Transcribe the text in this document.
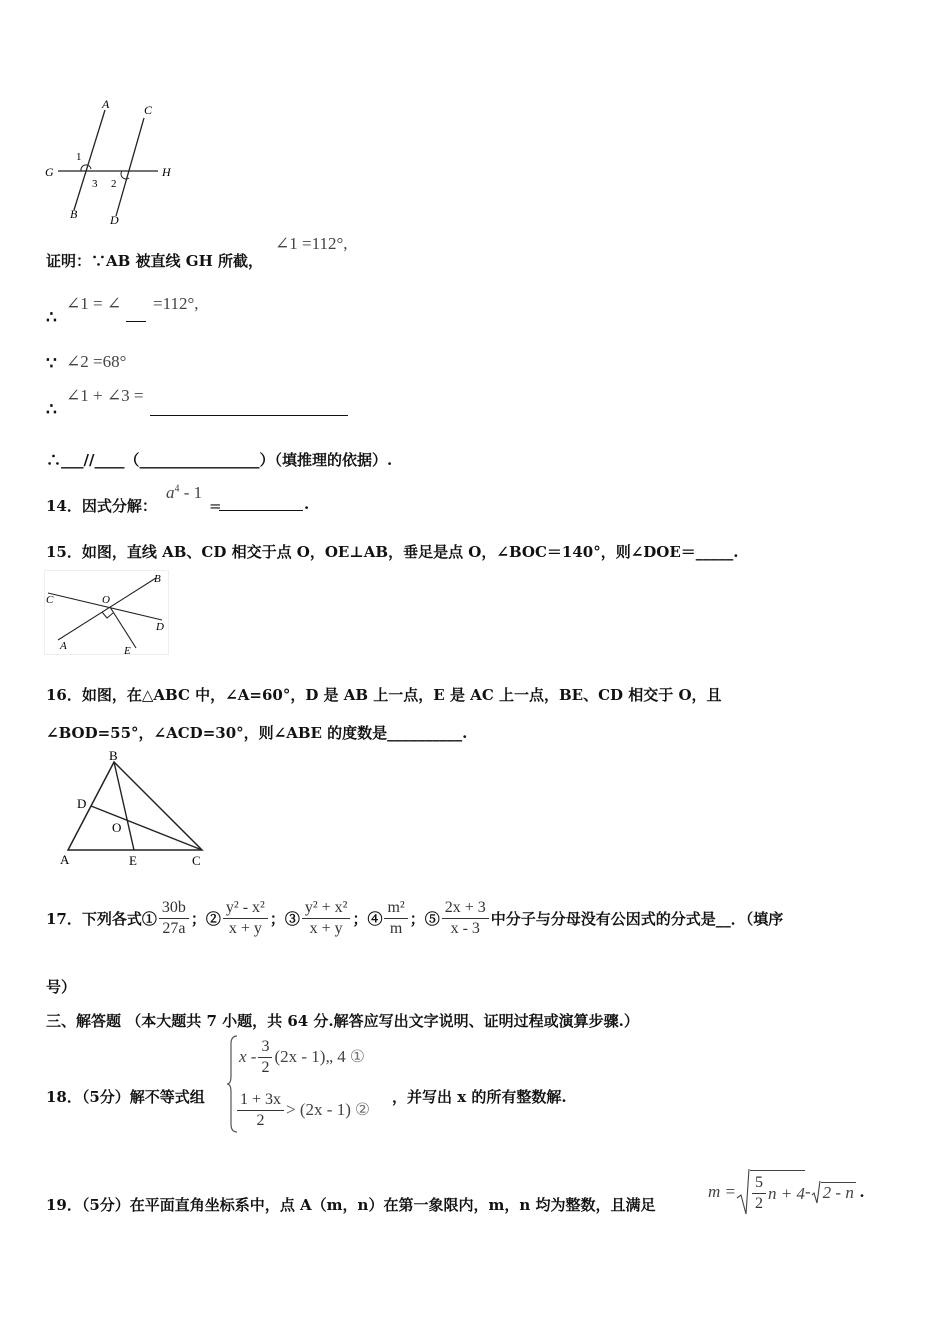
A	C
G	H
1
3 2
B	D
证明：∵AB 被直线 GH 所截，
∠1 =112°,
∴
∠1 = ∠ =112°,
∵ ∠2 =68°
∴
∠1 + ∠3 =
∴___//____（________________）（填推理的依据）.
14．因式分解：
$a^4 - 1$
=	.
15．如图，直线 AB、CD 相交于点 O，OE⊥AB，垂足是点 O，∠BOC＝140°，则∠DOE＝_____.
B
C	O
D
A	E
16．如图，在△ABC 中，∠A=60°，D 是 AB 上一点，E 是 AC 上一点，BE、CD 相交于 O，且
∠BOD=55°，∠ACD=30°，则∠ABE 的度数是__________.
B
D
O
A	E	C
17．下列各式① $\frac{30b}{27a}$ ；② $\frac{\text{y² - x²}}{x + y}$ ；③ $\frac{\text{y² + x²}}{x + y}$ ；④ $\frac{\text{m²}}{m}$ ；⑤ $\frac{2x + 3}{x - 3}$ 中分子与分母没有公因式的分式是__．（填序
号）
三、解答题 （本大题共 7 小题，共 64 分.解答应写出文字说明、证明过程或演算步骤.）
18．（5分）解不等式组
x - $\frac{3}{2} (2x$ - 1)„ 4 ①
$\frac{1 + 3x}{2} > (2x - 1)$ ②
，并写出 x 的所有整数解.
19．（5分）在平面直角坐标系中，点 A（m，n）在第一象限内，m，n 均为整数，且满足
$m = \frac{5}{2}$ n + 4 - 2 - n .
